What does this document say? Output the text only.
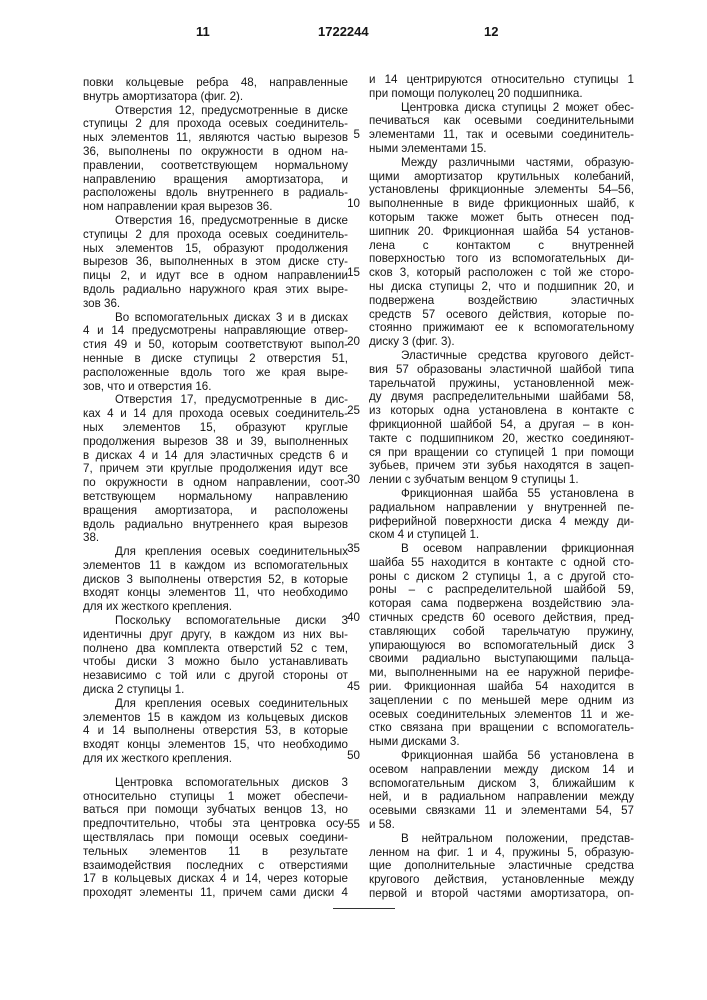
11	1722244	12
повки кольцевые ребра 48, направленные
внутрь амортизатора (фиг. 2).
Отверстия 12, предусмотренные в диске
ступицы 2 для прохода осевых соединитель-
ных элементов 11, являются частью вырезов
36, выполнены по окружности в одном на-
правлении, соответствующем нормальному
направлению вращения амортизатора, и
расположены вдоль внутреннего в радиаль-
ном направлении края вырезов 36.
Отверстия 16, предусмотренные в диске
ступицы 2 для прохода осевых соединитель-
ных элементов 15, образуют продолжения
вырезов 36, выполненных в этом диске сту-
пицы 2, и идут все в одном направлении
вдоль радиально наружного края этих выре-
зов 36.
Во вспомогательных дисках 3 и в дисках
4 и 14 предусмотрены направляющие отвер-
стия 49 и 50, которым соответствуют выпол-
ненные в диске ступицы 2 отверстия 51,
расположенные вдоль того же края выре-
зов, что и отверстия 16.
Отверстия 17, предусмотренные в дис-
ках 4 и 14 для прохода осевых соединитель-
ных элементов 15, образуют круглые
продолжения вырезов 38 и 39, выполненных
в дисках 4 и 14 для эластичных средств 6 и
7, причем эти круглые продолжения идут все
по окружности в одном направлении, соот-
ветствующем нормальному направлению
вращения амортизатора, и расположены
вдоль радиально внутреннего края вырезов
38.
Для крепления осевых соединительных
элементов 11 в каждом из вспомогательных
дисков 3 выполнены отверстия 52, в которые
входят концы элементов 11, что необходимо
для их жесткого крепления.
Поскольку вспомогательные диски 3
идентичны друг другу, в каждом из них вы-
полнено два комплекта отверстий 52 с тем,
чтобы диски 3 можно было устанавливать
независимо с той или с другой стороны от
диска 2 ступицы 1.
Для крепления осевых соединительных
элементов 15 в каждом из кольцевых дисков
4 и 14 выполнены отверстия 53, в которые
входят концы элементов 15, что необходимо
для их жесткого крепления.
Центровка вспомогательных дисков 3
относительно ступицы 1 может обеспечи-
ваться при помощи зубчатых венцов 13, но
предпочтительно, чтобы эта центровка осу-
ществлялась при помощи осевых соедини-
тельных элементов 11 в результате
взаимодействия последних с отверстиями
17 в кольцевых дисках 4 и 14, через которые
проходят элементы 11, причем сами диски 4
5
10
15
20
25
30
35
40
45
50
55
и 14 центрируются относительно ступицы 1
при помощи полуколец 20 подшипника.
Центровка диска ступицы 2 может обес-
печиваться как осевыми соединительными
элементами 11, так и осевыми соединитель-
ными элементами 15.
Между различными частями, образую-
щими амортизатор крутильных колебаний,
установлены фрикционные элементы 54–56,
выполненные в виде фрикционных шайб, к
которым также может быть отнесен под-
шипник 20. Фрикционная шайба 54 установ-
лена с контактом с внутренней
поверхностью того из вспомогательных ди-
сков 3, который расположен с той же сторо-
ны диска ступицы 2, что и подшипник 20, и
подвержена воздействию эластичных
средств 57 осевого действия, которые по-
стоянно прижимают ее к вспомогательному
диску 3 (фиг. 3).
Эластичные средства кругового дейст-
вия 57 образованы эластичной шайбой типа
тарельчатой пружины, установленной меж-
ду двумя распределительными шайбами 58,
из которых одна установлена в контакте с
фрикционной шайбой 54, а другая – в кон-
такте с подшипником 20, жестко соединяют-
ся при вращении со ступицей 1 при помощи
зубьев, причем эти зубья находятся в зацеп-
лении с зубчатым венцом 9 ступицы 1.
Фрикционная шайба 55 установлена в
радиальном направлении у внутренней пе-
риферийной поверхности диска 4 между ди-
ском 4 и ступицей 1.
В осевом направлении фрикционная
шайба 55 находится в контакте с одной сто-
роны с диском 2 ступицы 1, а с другой сто-
роны – с распределительной шайбой 59,
которая сама подвержена воздействию эла-
стичных средств 60 осевого действия, пред-
ставляющих собой тарельчатую пружину,
упирающуюся во вспомогательный диск 3
своими радиально выступающими пальца-
ми, выполненными на ее наружной перифе-
рии. Фрикционная шайба 54 находится в
зацеплении с по меньшей мере одним из
осевых соединительных элементов 11 и же-
стко связана при вращении с вспомогатель-
ными дисками 3.
Фрикционная шайба 56 установлена в
осевом направлении между диском 14 и
вспомогательным диском 3, ближайшим к
ней, и в радиальном направлении между
осевыми связками 11 и элементами 54, 57
и 58.
В нейтральном положении, представ-
ленном на фиг. 1 и 4, пружины 5, образую-
щие дополнительные эластичные средства
кругового действия, установленные между
первой и второй частями амортизатора, оп-
